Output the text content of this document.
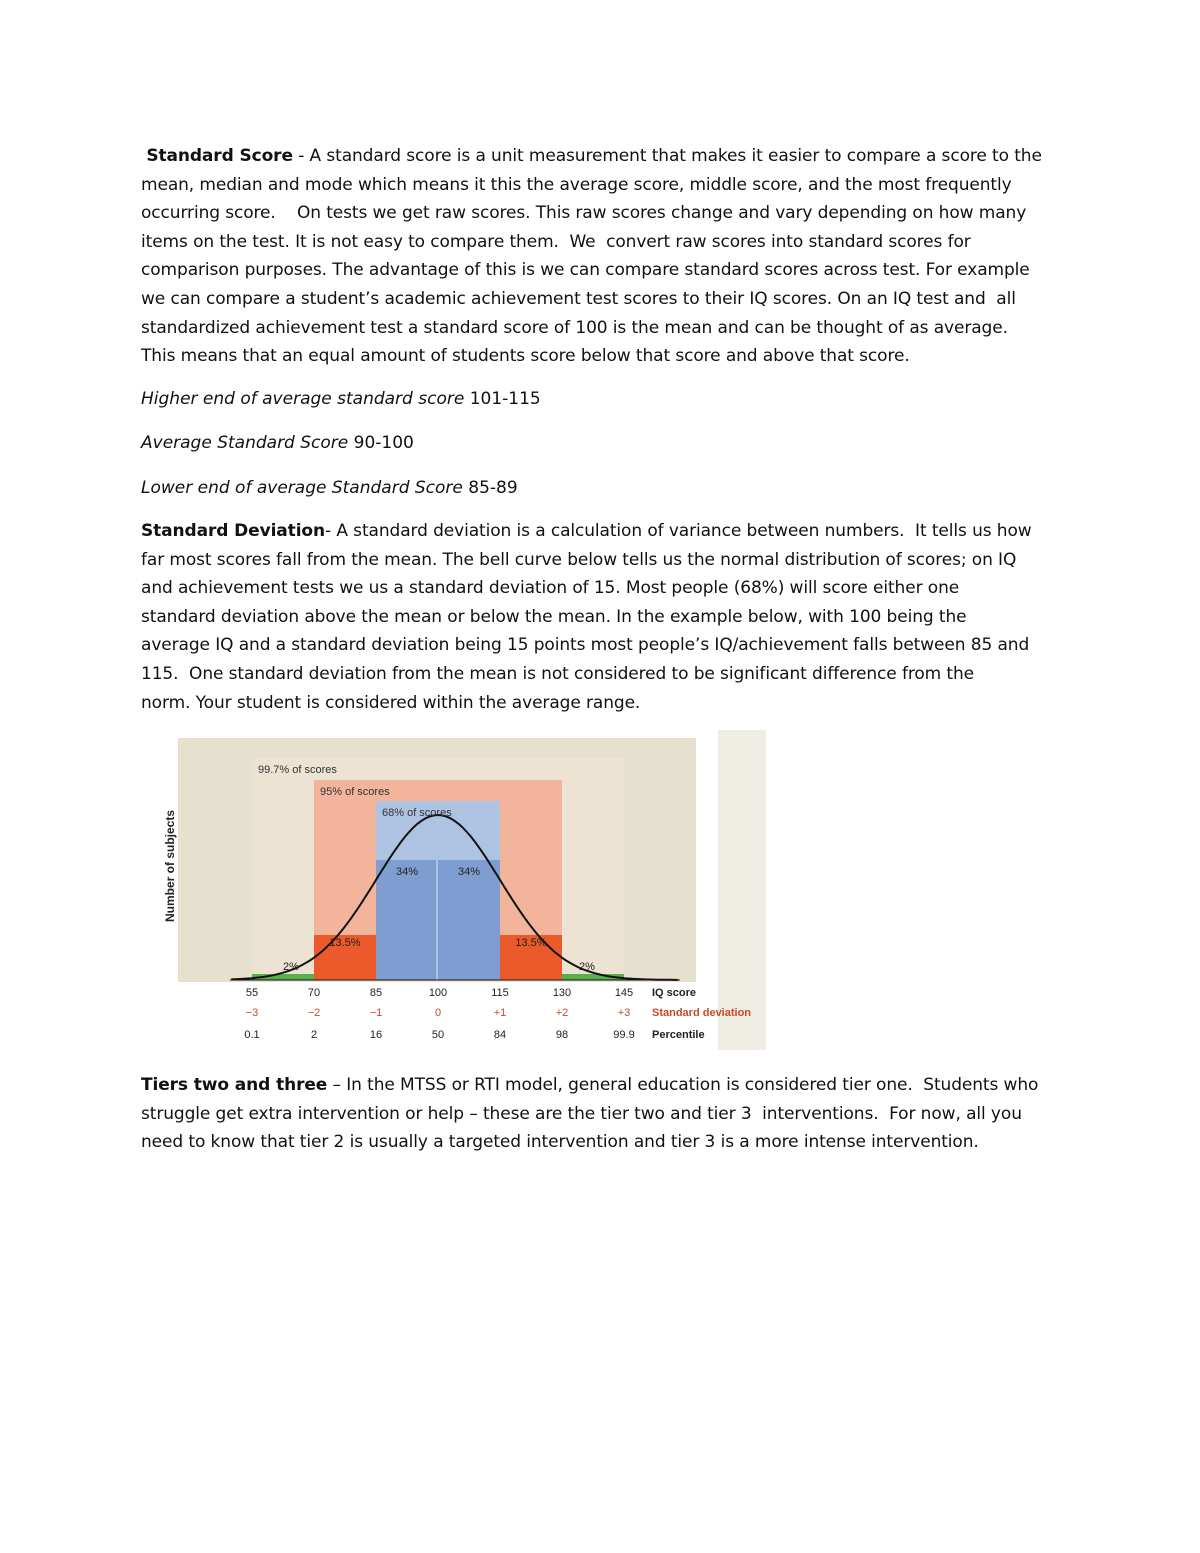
Standard Score - A standard score is a unit measurement that makes it easier to compare a score to the
mean, median and mode which means it this the average score, middle score, and the most frequently
occurring score.    On tests we get raw scores. This raw scores change and vary depending on how many
items on the test. It is not easy to compare them.  We  convert raw scores into standard scores for
comparison purposes. The advantage of this is we can compare standard scores across test. For example
we can compare a student’s academic achievement test scores to their IQ scores. On an IQ test and  all
standardized achievement test a standard score of 100 is the mean and can be thought of as average.
This means that an equal amount of students score below that score and above that score.

Higher end of average standard score 101-115
Average Standard Score 90-100
Lower end of average Standard Score 85-89

Standard Deviation- A standard deviation is a calculation of variance between numbers.  It tells us how
far most scores fall from the mean. The bell curve below tells us the normal distribution of scores; on IQ
and achievement tests we us a standard deviation of 15. Most people (68%) will score either one
standard deviation above the mean or below the mean. In the example below, with 100 being the
average IQ and a standard deviation being 15 points most people’s IQ/achievement falls between 85 and
115.  One standard deviation from the mean is not considered to be significant difference from the
norm. Your student is considered within the average range.

99.7% of scores
95% of scores
68% of scores
2%
13.5%
34%	34%
13.5%
2%
55	70	85	100	115	130	145 IQ score
−3	−2	−1	0	+1	+2	+3 Standard deviation
0.1	2	16	50	84	98	99.9 Percentile
Number of subjects

Tiers two and three – In the MTSS or RTI model, general education is considered tier one.  Students who
struggle get extra intervention or help – these are the tier two and tier 3  interventions.  For now, all you
need to know that tier 2 is usually a targeted intervention and tier 3 is a more intense intervention.
